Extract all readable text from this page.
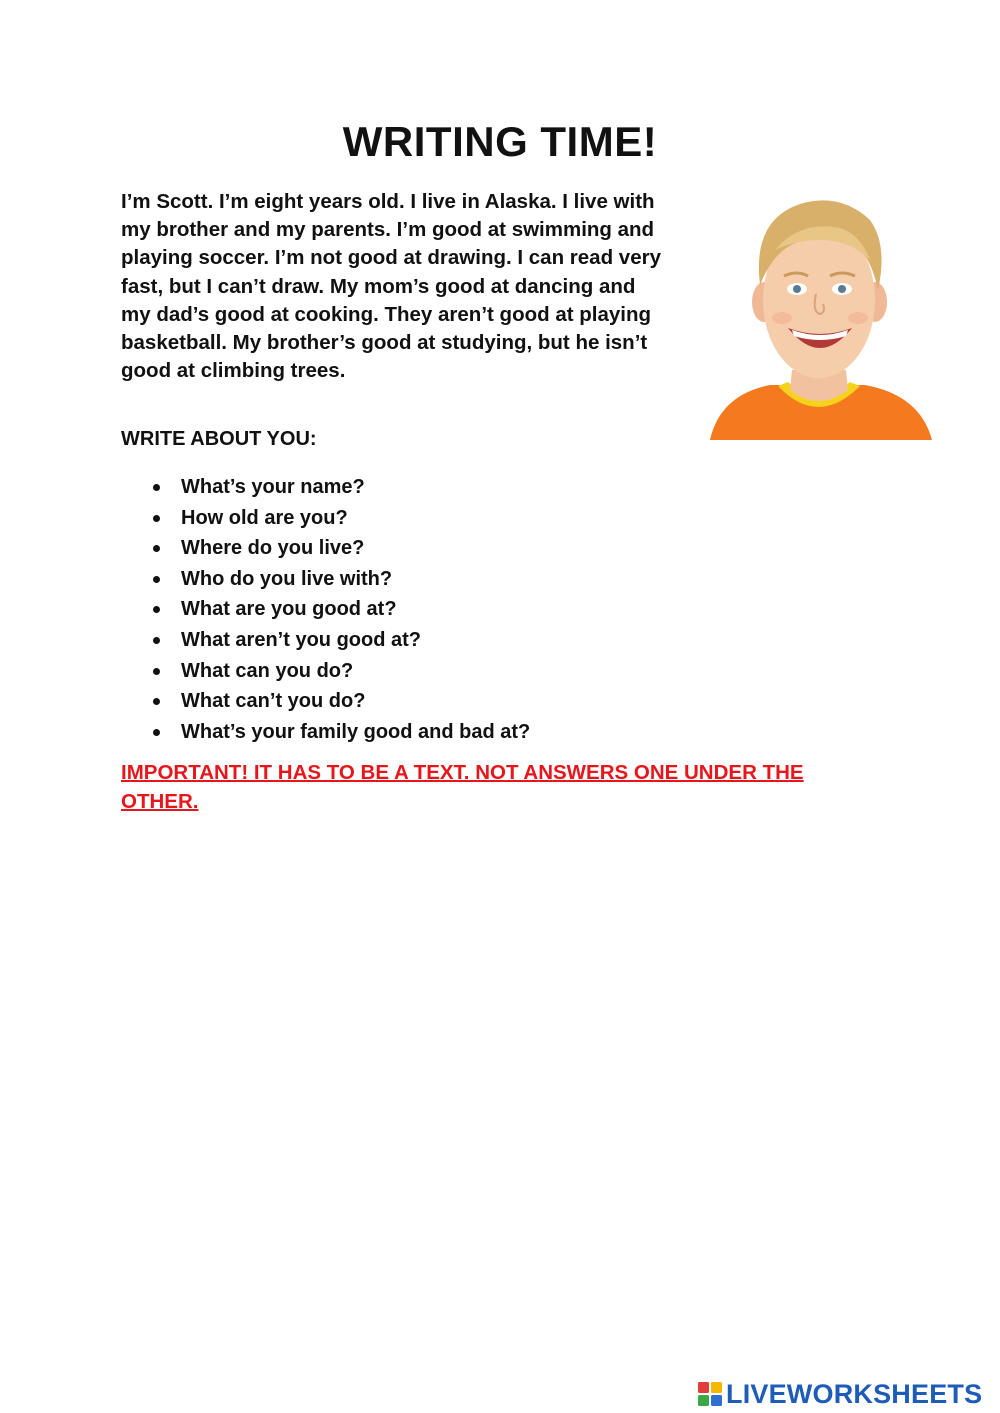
WRITING TIME!

I’m Scott. I’m eight years old. I live in Alaska. I live with my brother and my parents. I’m good at swimming and playing soccer. I’m not good at drawing. I can read very fast, but I can’t draw. My mom’s good at dancing and my dad’s good at cooking. They aren’t good at playing basketball. My brother’s good at studying, but he isn’t good at climbing trees.

WRITE ABOUT YOU:

What’s your name?
How old are you?
Where do you live?
Who do you live with?
What are you good at?
What aren’t you good at?
What can you do?
What can’t you do?
What’s your family good and bad at?

IMPORTANT! IT HAS TO BE A TEXT. NOT ANSWERS ONE UNDER THE OTHER.

LIVEWORKSHEETS
